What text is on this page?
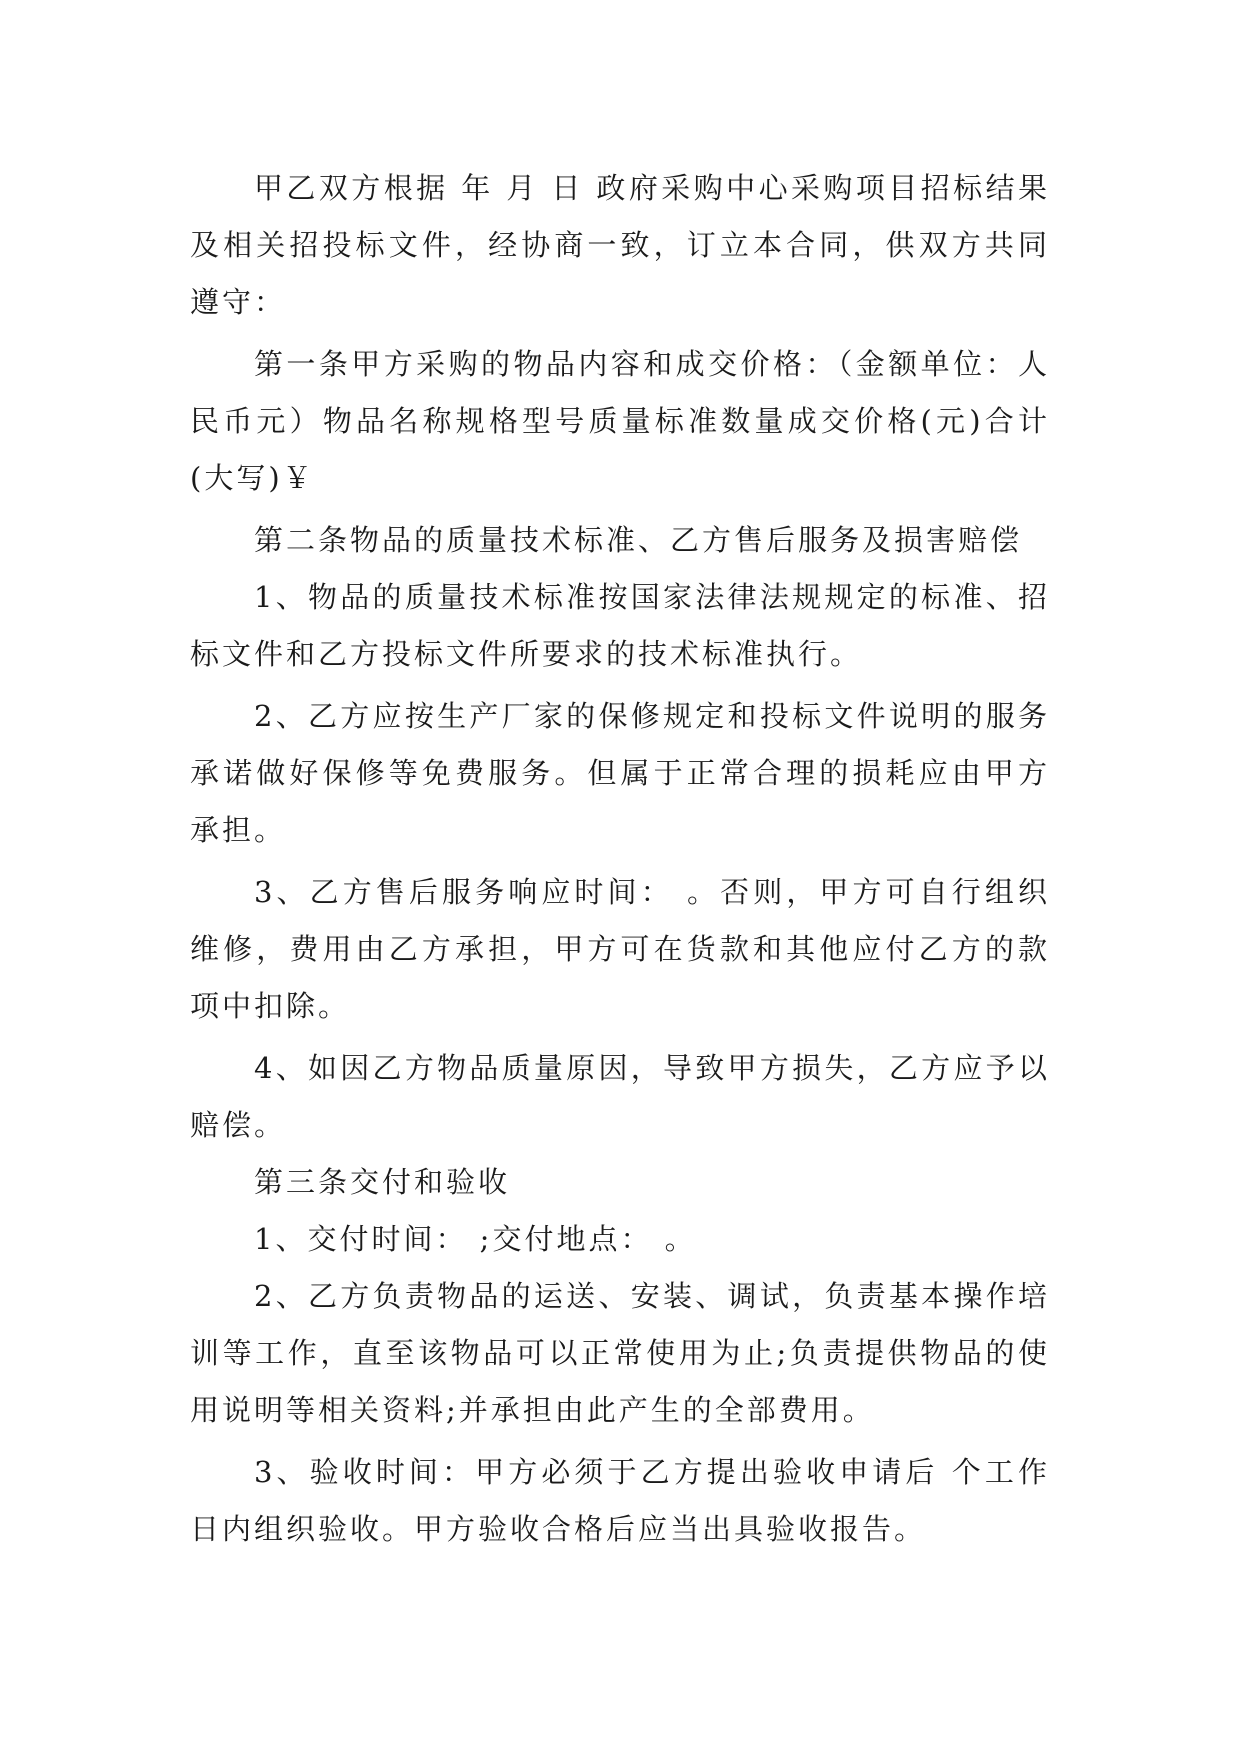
甲乙双方根据 年 月 日 政府采购中心采购项目招标结果及相关招投标文件，经协商一致，订立本合同，供双方共同遵守：

第一条甲方采购的物品内容和成交价格：（金额单位：人民币元）物品名称规格型号质量标准数量成交价格(元)合计(大写)￥

第二条物品的质量技术标准、乙方售后服务及损害赔偿

1、物品的质量技术标准按国家法律法规规定的标准、招标文件和乙方投标文件所要求的技术标准执行。

2、乙方应按生产厂家的保修规定和投标文件说明的服务承诺做好保修等免费服务。但属于正常合理的损耗应由甲方承担。

3、乙方售后服务响应时间： 。否则，甲方可自行组织维修，费用由乙方承担，甲方可在货款和其他应付乙方的款项中扣除。

4、如因乙方物品质量原因，导致甲方损失，乙方应予以赔偿。

第三条交付和验收

1、交付时间： ;交付地点： 。

2、乙方负责物品的运送、安装、调试，负责基本操作培训等工作，直至该物品可以正常使用为止;负责提供物品的使用说明等相关资料;并承担由此产生的全部费用。

3、验收时间：甲方必须于乙方提出验收申请后 个工作日内组织验收。甲方验收合格后应当出具验收报告。
